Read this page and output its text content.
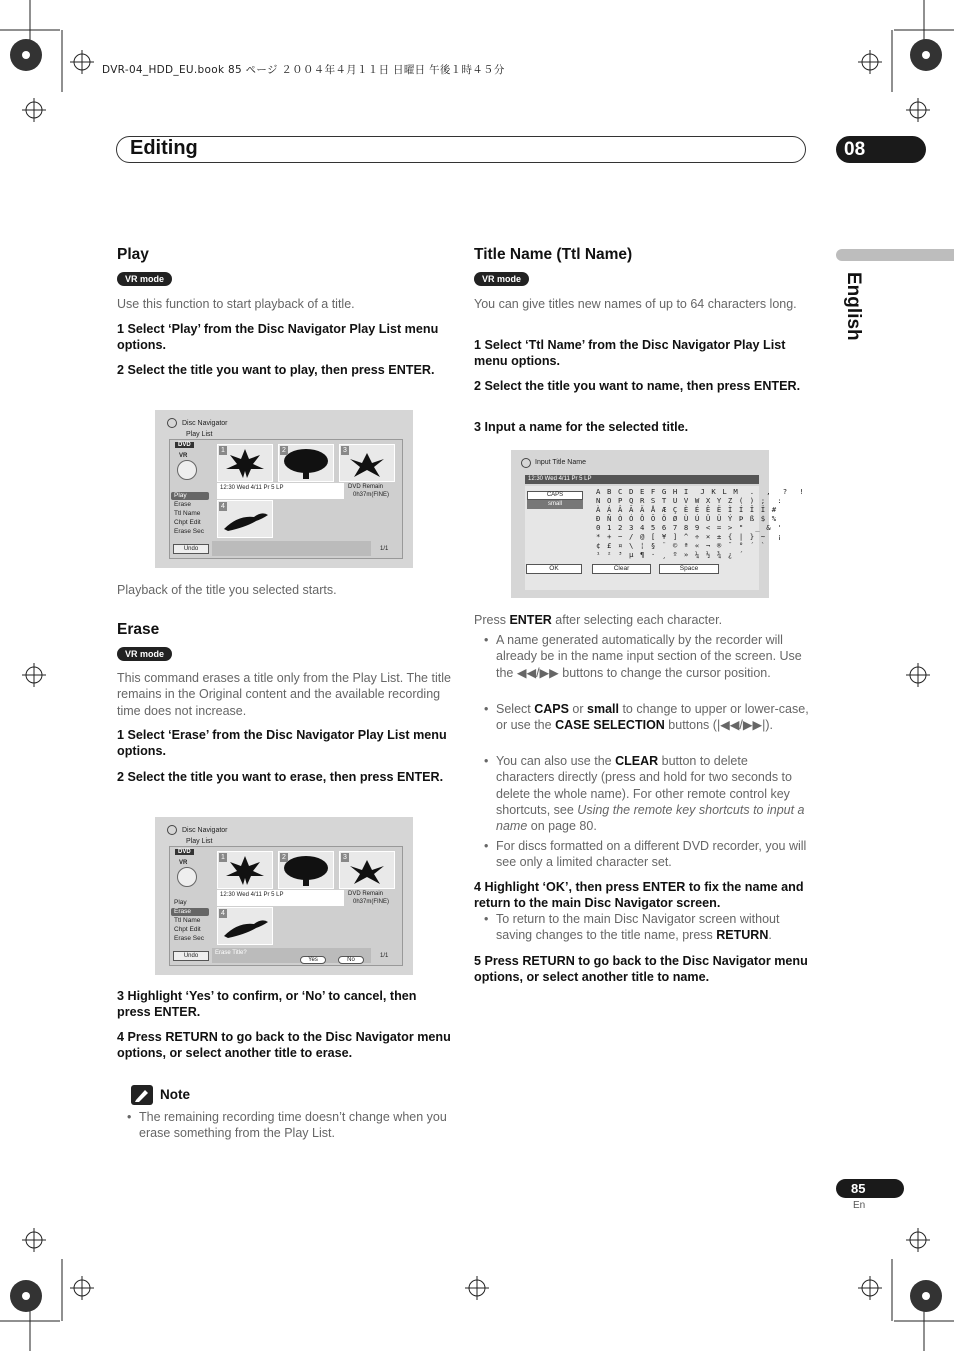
DVR-04_HDD_EU.book 85 ページ ２００４年４月１１日 日曜日 午後１時４５分
Editing	08
English
Play
VR mode
Use this function to start playback of a title.
1 Select ‘Play’ from the Disc Navigator Play List menu options.
2 Select the title you want to play, then press ENTER.
Disc Navigator
Play List
DVD
VR
1	2	3
12:30 Wed 4/11 Pr 5 LP	DVD Remain
0h37m(FINE)
4
Play
Erase
Ttl Name
Chpt Edit
Erase Sec
Undo	1/1
Playback of the title you selected starts.
Erase
VR mode
This command erases a title only from the Play List. The title remains in the Original content and the available recording time does not increase.
1 Select ‘Erase’ from the Disc Navigator Play List menu options.
2 Select the title you want to erase, then press ENTER.
Disc Navigator
Play List
DVD
VR
1	2	3
12:30 Wed 4/11 Pr 5 LP	DVD Remain
0h37m(FINE)
4
Play
Erase
Ttl Name
Chpt Edit
Erase Sec
Undo	Erase Title?
Yes	No
1/1
3 Highlight ‘Yes’ to confirm, or ‘No’ to cancel, then press ENTER.
4 Press RETURN to go back to the Disc Navigator menu options, or select another title to erase.
Note
• The remaining recording time doesn’t change when you erase something from the Play List.
Title Name (Ttl Name)
VR mode
You can give titles new names of up to 64 characters long.
1 Select ‘Ttl Name’ from the Disc Navigator Play List menu options.
2 Select the title you want to name, then press ENTER.
3 Input a name for the selected title.
Input Title Name
12:30 Wed 4/11 Pr 5 LP
CAPS
small
OK	Clear	Space
A B C D E F G H I  J K L M  .  ,  ?  !
N O P Q R S T U V W X Y Z ( ) ;  :
À Á Â Ã Ä Å Æ Ç È É Ê Ë Ì Í Î Ï #
Ð Ñ Ò Ó Ô Õ Ö Ø Ù Ú Û Ü Ý Þ ß $ %
0 1 2 3 4 5 6 7 8 9 < = > "  _ & '
* + − / @ [ ¥ ] ^ ÷ × ± { | } ~  ¡
¢ £ ¤ \ ¦ § ¨ © ª « ¬ ® ¯ ° ´ `
¹ ² ³ µ ¶ · ¸ º » ¼ ½ ¾ ¿ ´
Press ENTER after selecting each character.
• A name generated automatically by the recorder will already be in the name input section of the screen. Use the ◀◀/▶▶ buttons to change the cursor position.
• Select CAPS or small to change to upper or lower-case, or use the CASE SELECTION buttons (|◀◀/▶▶|).
• You can also use the CLEAR button to delete characters directly (press and hold for two seconds to delete the whole name). For other remote control key shortcuts, see Using the remote key shortcuts to input a name on page 80.
• For discs formatted on a different DVD recorder, you will see only a limited character set.
4 Highlight ‘OK’, then press ENTER to fix the name and return to the main Disc Navigator screen.
• To return to the main Disc Navigator screen without saving changes to the title name, press RETURN.
5 Press RETURN to go back to the Disc Navigator menu options, or select another title to name.
85
En
